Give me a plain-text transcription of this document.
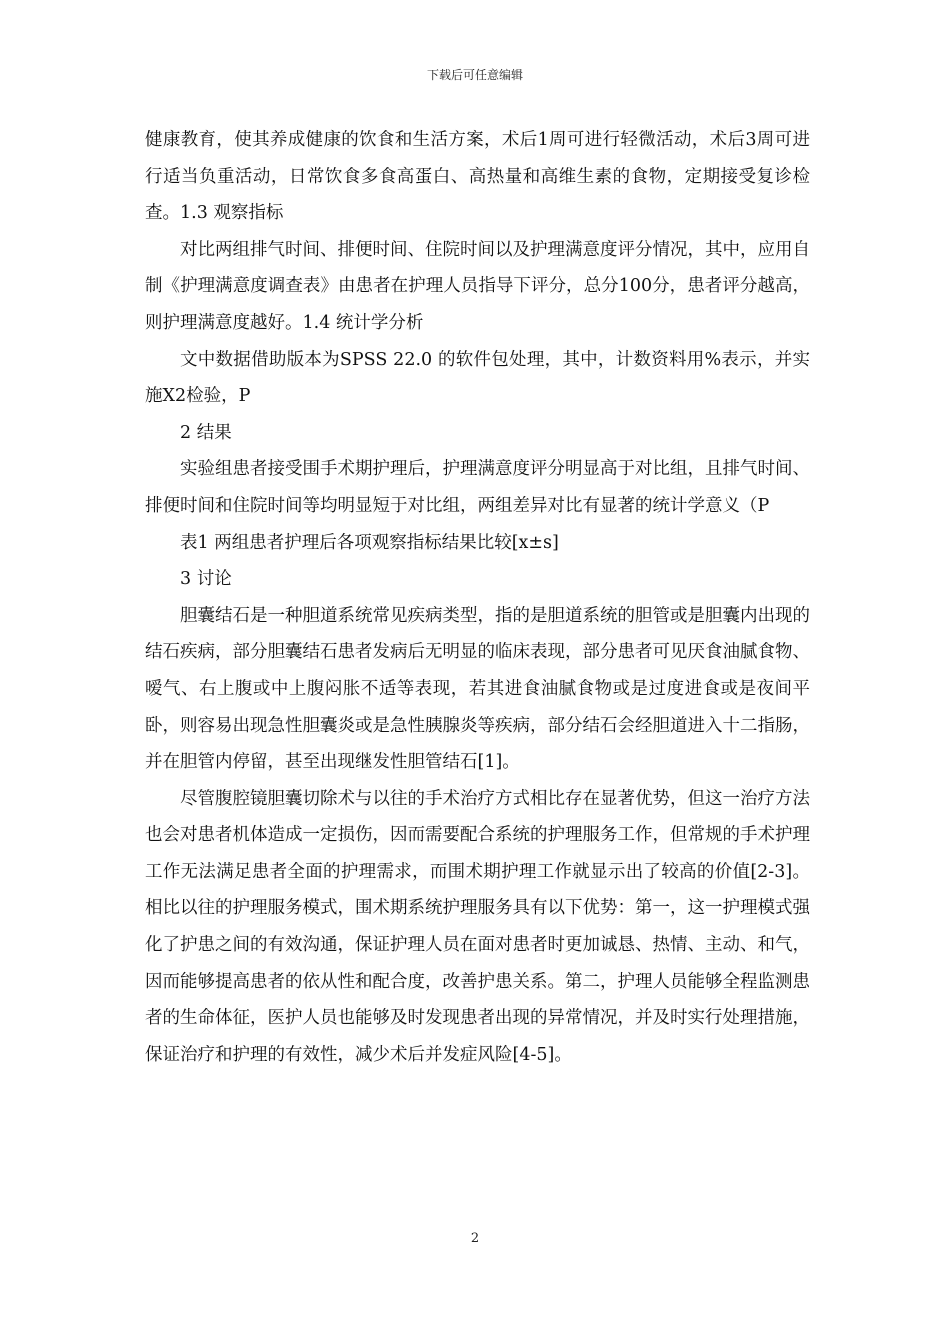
下载后可任意编辑

健康教育，使其养成健康的饮食和生活方案，术后1周可进行轻微活动，术后3周可进行适当负重活动，日常饮食多食高蛋白、高热量和高维生素的食物，定期接受复诊检查。1.3 观察指标

对比两组排气时间、排便时间、住院时间以及护理满意度评分情况，其中，应用自制《护理满意度调查表》由患者在护理人员指导下评分，总分100分，患者评分越高，则护理满意度越好。1.4 统计学分析

文中数据借助版本为SPSS 22.0 的软件包处理，其中，计数资料用%表示，并实施X2检验，P

2 结果

实验组患者接受围手术期护理后，护理满意度评分明显高于对比组，且排气时间、排便时间和住院时间等均明显短于对比组，两组差异对比有显著的统计学意义（P

表1 两组患者护理后各项观察指标结果比较[x±s]

3 讨论

胆囊结石是一种胆道系统常见疾病类型，指的是胆道系统的胆管或是胆囊内出现的结石疾病，部分胆囊结石患者发病后无明显的临床表现，部分患者可见厌食油腻食物、嗳气、右上腹或中上腹闷胀不适等表现，若其进食油腻食物或是过度进食或是夜间平卧，则容易出现急性胆囊炎或是急性胰腺炎等疾病，部分结石会经胆道进入十二指肠，并在胆管内停留，甚至出现继发性胆管结石[1]。

尽管腹腔镜胆囊切除术与以往的手术治疗方式相比存在显著优势，但这一治疗方法也会对患者机体造成一定损伤，因而需要配合系统的护理服务工作，但常规的手术护理工作无法满足患者全面的护理需求，而围术期护理工作就显示出了较高的价值[2-3]。相比以往的护理服务模式，围术期系统护理服务具有以下优势：第一，这一护理模式强化了护患之间的有效沟通，保证护理人员在面对患者时更加诚恳、热情、主动、和气，因而能够提高患者的依从性和配合度，改善护患关系。第二，护理人员能够全程监测患者的生命体征，医护人员也能够及时发现患者出现的异常情况，并及时实行处理措施，保证治疗和护理的有效性，减少术后并发症风险[4-5]。

2
